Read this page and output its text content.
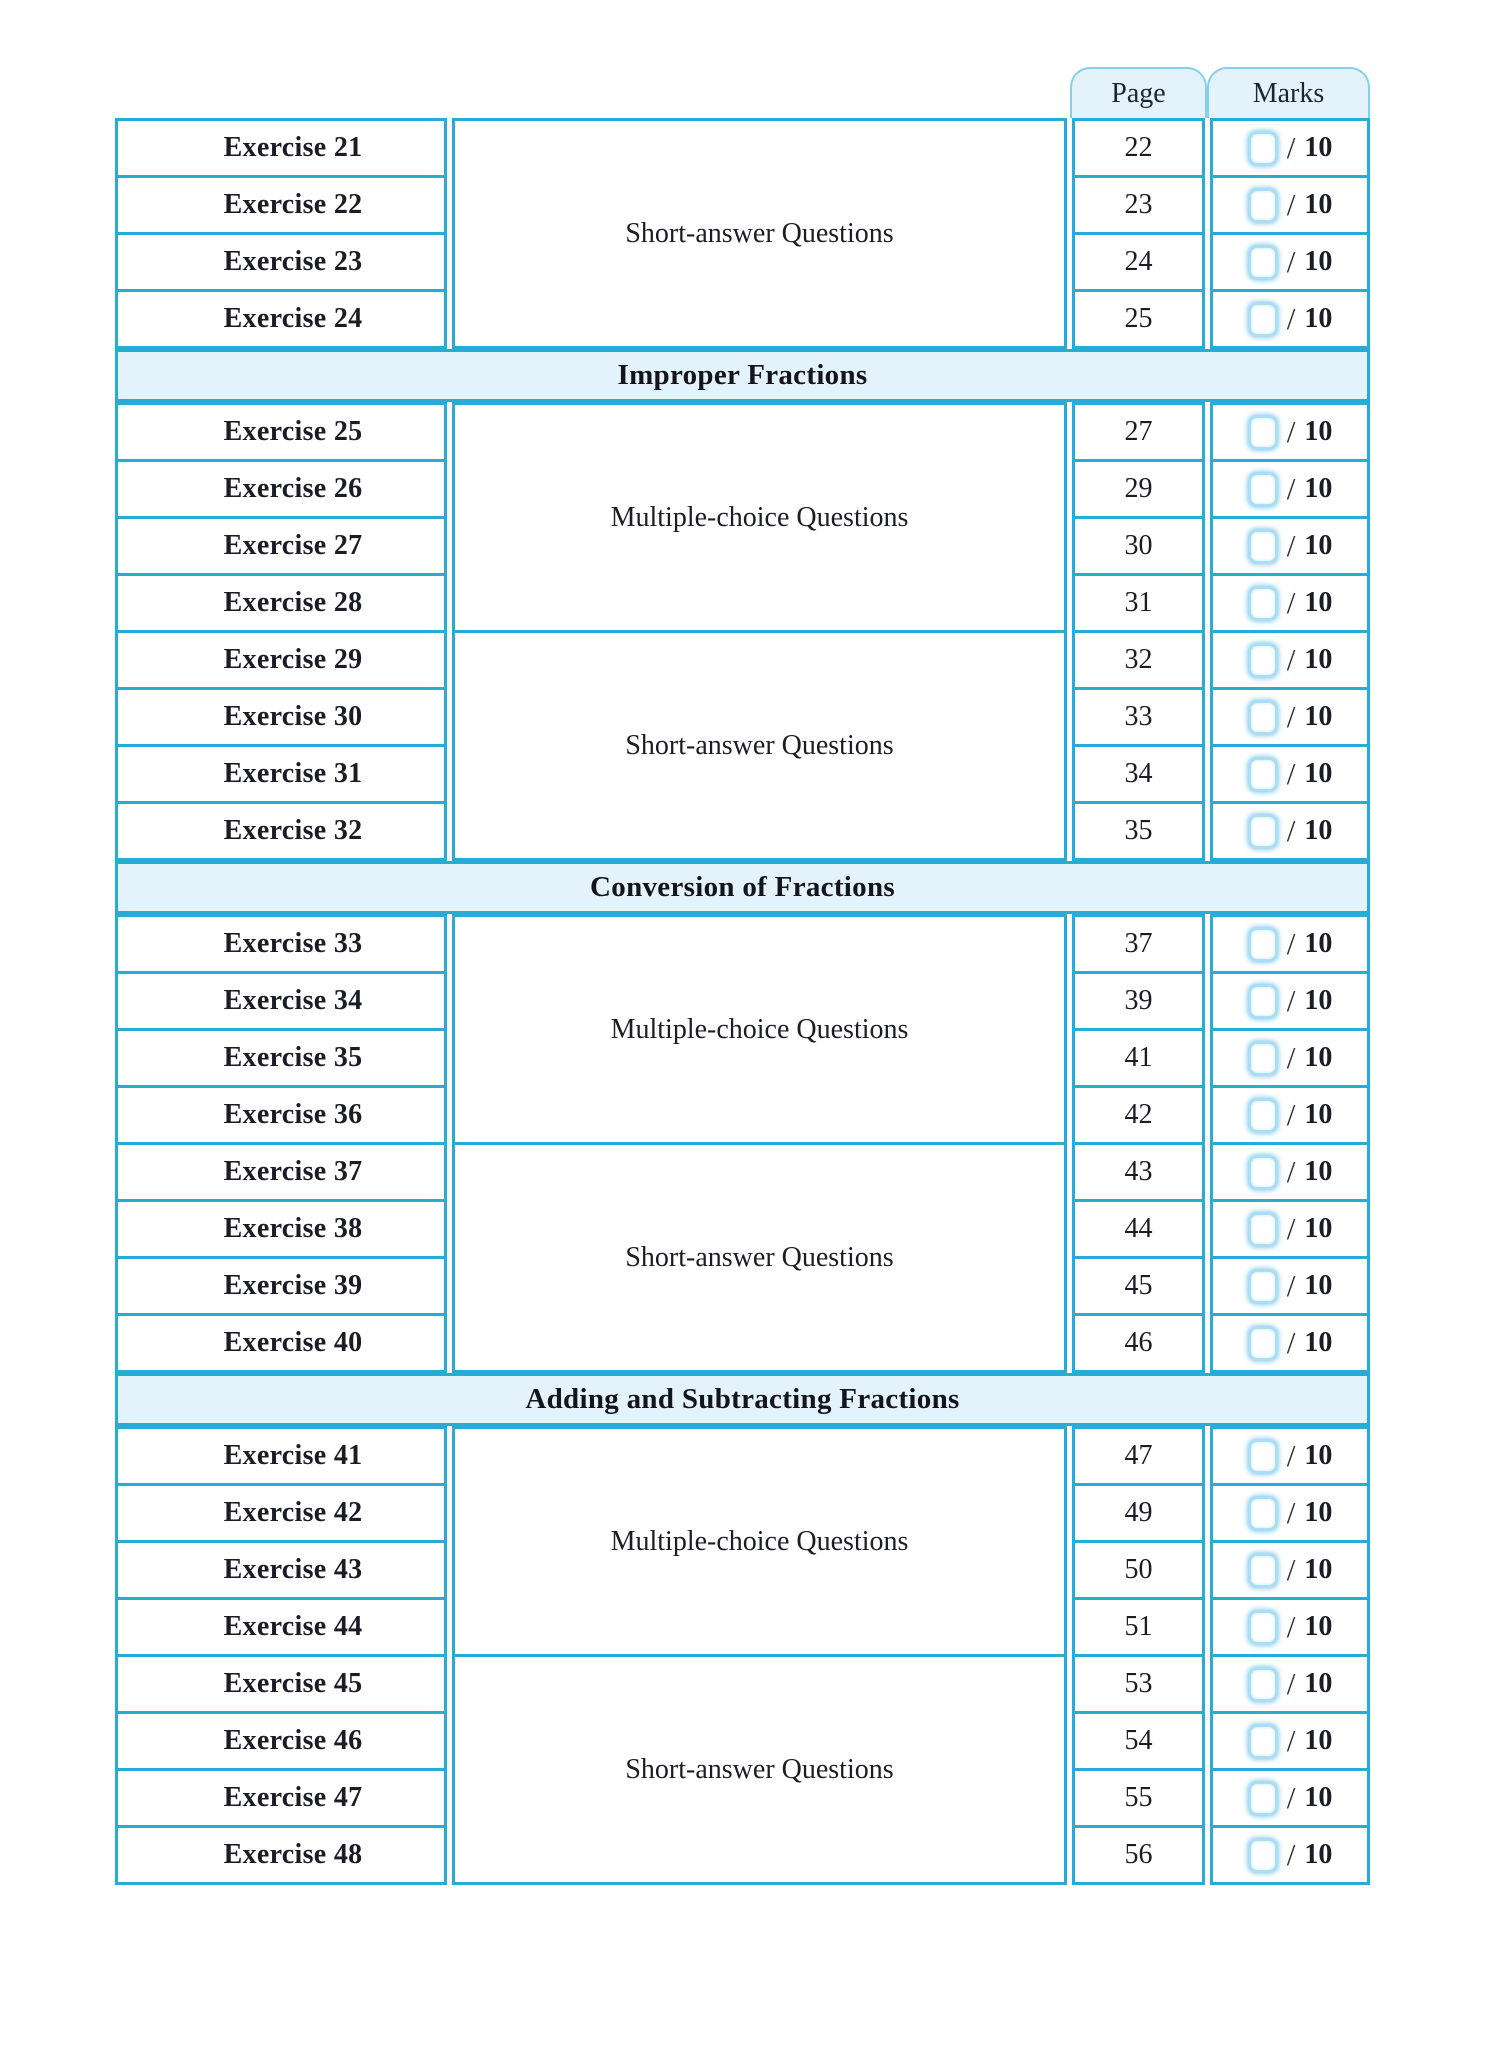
Page	Marks
Exercise 21
Exercise 22
Exercise 23
Exercise 24
Short-answer Questions
22
23
24
25
/ 10
/ 10
/ 10
/ 10
Improper Fractions
Exercise 25
Exercise 26
Exercise 27
Exercise 28
Multiple-choice Questions
27
29
30
31
/ 10
/ 10
/ 10
/ 10
Exercise 29
Exercise 30
Exercise 31
Exercise 32
Short-answer Questions
32
33
34
35
/ 10
/ 10
/ 10
/ 10
Conversion of Fractions
Exercise 33
Exercise 34
Exercise 35
Exercise 36
Multiple-choice Questions
37
39
41
42
/ 10
/ 10
/ 10
/ 10
Exercise 37
Exercise 38
Exercise 39
Exercise 40
Short-answer Questions
43
44
45
46
/ 10
/ 10
/ 10
/ 10
Adding and Subtracting Fractions
Exercise 41
Exercise 42
Exercise 43
Exercise 44
Multiple-choice Questions
47
49
50
51
/ 10
/ 10
/ 10
/ 10
Exercise 45
Exercise 46
Exercise 47
Exercise 48
Short-answer Questions
53
54
55
56
/ 10
/ 10
/ 10
/ 10
